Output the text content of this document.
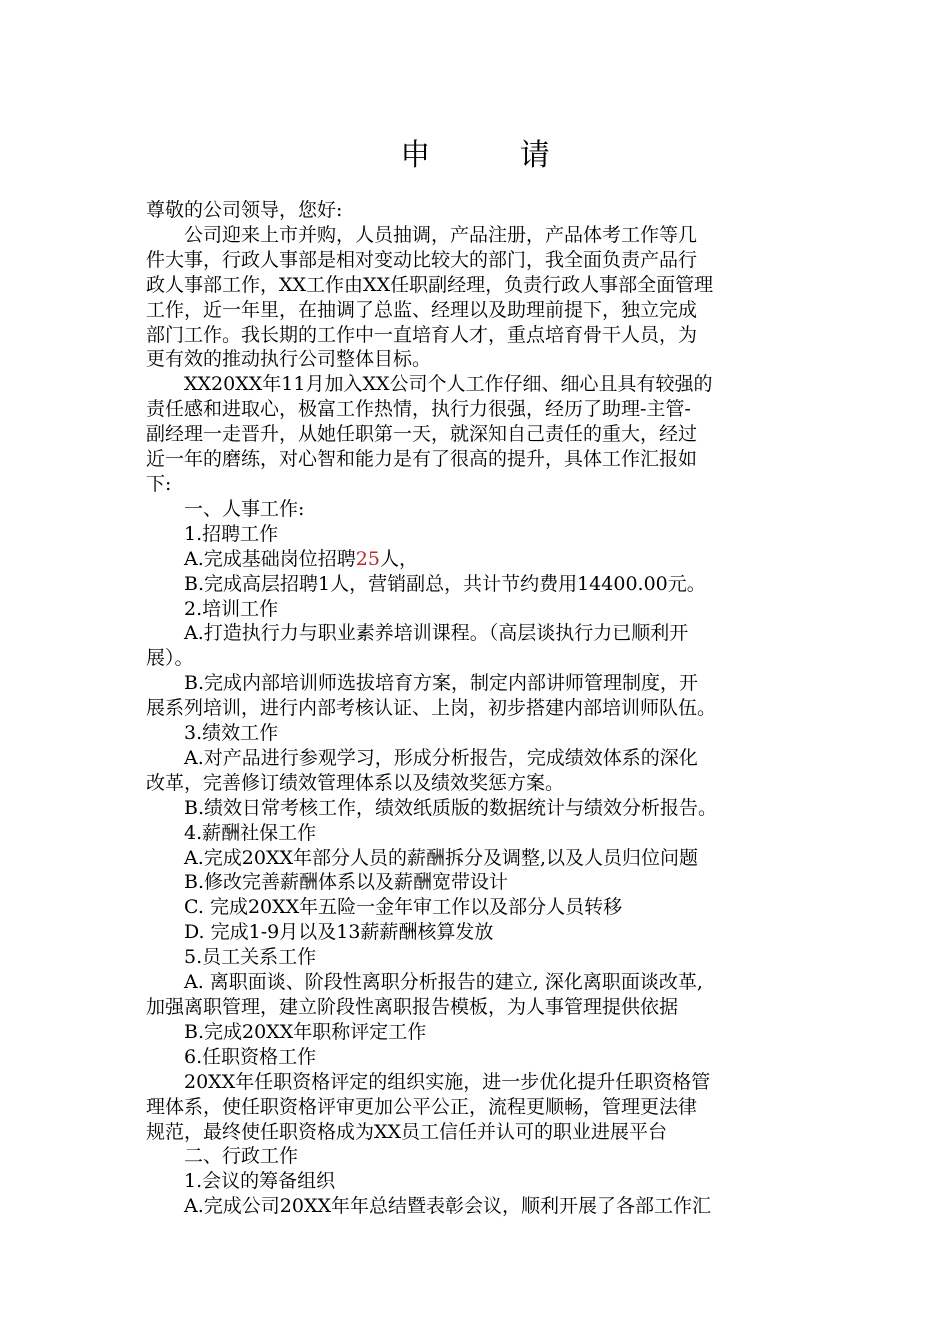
申 请

尊敬的公司领导，您好:

公司迎来上市并购，人员抽调，产品注册，产品体考工作等几

件大事，行政人事部是相对变动比较大的部门，我全面负责产品行

政人事部工作，XX工作由XX任职副经理，负责行政人事部全面管理

工作，近一年里，在抽调了总监、经理以及助理前提下，独立完成

部门工作。我长期的工作中一直培育人才，重点培育骨干人员，为

更有效的推动执行公司整体目标。

XX20XX年11月加入XX公司个人工作仔细、细心且具有较强的

责任感和进取心，极富工作热情，执行力很强，经历了助理-主管-

副经理一走晋升，从她任职第一天，就深知自己责任的重大，经过

近一年的磨练，对心智和能力是有了很高的提升，具体工作汇报如

下:

一、人事工作:

1.招聘工作

A.完成基础岗位招聘25人，

B.完成高层招聘1人，营销副总，共计节约费用14400.00元。

2.培训工作

A.打造执行力与职业素养培训课程。（高层谈执行力已顺利开

展）。

B.完成内部培训师选拔培育方案，制定内部讲师管理制度，开

展系列培训，进行内部考核认证、上岗，初步搭建内部培训师队伍。

3.绩效工作

A.对产品进行参观学习，形成分析报告，完成绩效体系的深化

改革，完善修订绩效管理体系以及绩效奖惩方案。

B.绩效日常考核工作，绩效纸质版的数据统计与绩效分析报告。

4.薪酬社保工作

A.完成20XX年部分人员的薪酬拆分及调整,以及人员归位问题

B.修改完善薪酬体系以及薪酬宽带设计

C. 完成20XX年五险一金年审工作以及部分人员转移

D. 完成1-9月以及13薪薪酬核算发放

5.员工关系工作

A. 离职面谈、阶段性离职分析报告的建立, 深化离职面谈改革,

加强离职管理，建立阶段性离职报告模板，为人事管理提供依据

B.完成20XX年职称评定工作

6.任职资格工作

20XX年任职资格评定的组织实施，进一步优化提升任职资格管

理体系，使任职资格评审更加公平公正，流程更顺畅，管理更法律

规范，最终使任职资格成为XX员工信任并认可的职业进展平台

二、行政工作

1.会议的筹备组织

A.完成公司20XX年年总结暨表彰会议，顺利开展了各部工作汇
